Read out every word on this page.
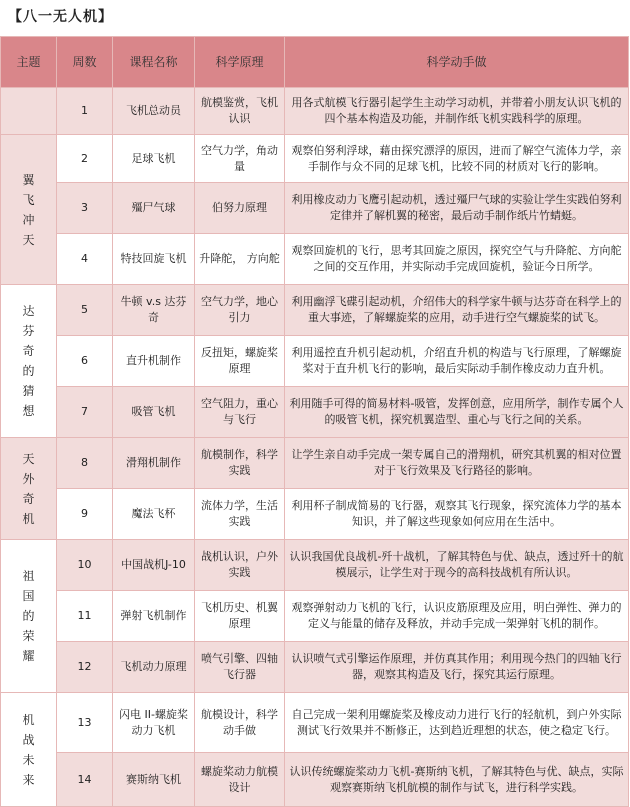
【八一无人机】
主题	周数	课程名称	科学原理	科学动手做

	1	飞机总动员	航模鉴赏，飞机认识	用各式航模飞行器引起学生主动学习动机，并带着小朋友认识飞机的四个基本构造及功能，并制作纸飞机实践科学的原理。

翼飞冲天	2	足球飞机	空气力学，角动量	观察伯努利浮球，藉由探究漂浮的原因，进而了解空气流体力学，亲手制作与众不同的足球飞机，比较不同的材质对飞行的影响。
	3	殭尸气球	伯努力原理	利用橡皮动力飞鹰引起动机，透过殭尸气球的实验让学生实践伯努利定律并了解机翼的秘密，最后动手制作纸片竹蜻蜓。
	4	特技回旋飞机	升降舵， 方向舵	观察回旋机的飞行，思考其回旋之原因，探究空气与升降舵、方向舵之间的交互作用，并实际动手完成回旋机，验证今日所学。

达芬奇的猜想	5	牛顿 v.s 达芬奇	空气力学，地心引力	利用幽浮飞碟引起动机，介绍伟大的科学家牛顿与达芬奇在科学上的重大事迹，了解螺旋桨的应用，动手进行空气螺旋桨的试飞。
	6	直升机制作	反扭矩，螺旋桨原理	利用遥控直升机引起动机，介绍直升机的构造与飞行原理，了解螺旋桨对于直升机飞行的影响，最后实际动手制作橡皮动力直升机。
	7	吸管飞机	空气阻力，重心与飞行	利用随手可得的简易材料-吸管，发挥创意，应用所学，制作专属个人的吸管飞机，探究机翼造型、重心与飞行之间的关系。

天外奇机	8	滑翔机制作	航模制作，科学实践	让学生亲自动手完成一架专属自己的滑翔机，研究其机翼的相对位置对于飞行效果及飞行路径的影响。
	9	魔法飞杯	流体力学，生活实践	利用杯子制成简易的飞行器，观察其飞行现象，探究流体力学的基本知识，并了解这些现象如何应用在生活中。

祖国的荣耀	10	中国战机J-10	战机认识，户外实践	认识我国优良战机-歼十战机，了解其特色与优、缺点，透过歼十的航模展示，让学生对于现今的高科技战机有所认识。
	11	弹射飞机制作	飞机历史、机翼原理	观察弹射动力飞机的飞行，认识皮筋原理及应用，明白弹性、弹力的定义与能量的储存及释放，并动手完成一架弹射飞机的制作。
	12	飞机动力原理	喷气引擎、四轴飞行器	认识喷气式引擎运作原理，并仿真其作用；利用现今热门的四轴飞行器，观察其构造及飞行，探究其运行原理。

机战未来	13	闪电 II-螺旋桨动力飞机	航模设计，科学动手做	自己完成一架利用螺旋桨及橡皮动力进行飞行的轻航机，到户外实际测试飞行效果并不断修正，达到趋近理想的状态，使之稳定飞行。
	14	赛斯纳飞机	螺旋桨动力航模设计	认识传统螺旋桨动力飞机-赛斯纳飞机，了解其特色与优、缺点，实际观察赛斯纳飞机航模的制作与试飞，进行科学实践。
